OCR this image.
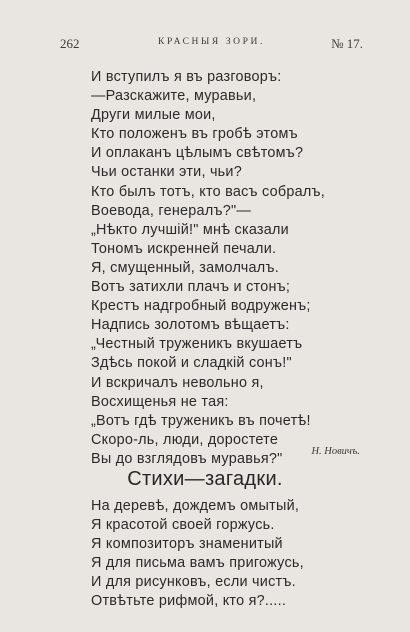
262	КРАСНЫЯ ЗОРИ.	№ 17.
И вступилъ я въ разговоръ:
—Разскажите, муравьи,
Други милые мои,
Кто положенъ въ гробѣ этомъ
И оплаканъ цѣлымъ свѣтомъ?
Чьи останки эти, чьи?
Кто былъ тотъ, кто васъ собралъ,
Воевода, генералъ?"—
„Нѣкто лучшій!" мнѣ сказали
Тономъ искренней печали.
Я, смущенный, замолчалъ.
Вотъ затихли плачъ и стонъ;
Крестъ надгробный водруженъ;
Надпись золотомъ вѣщаетъ:
„Честный труженикъ вкушаетъ
Здѣсь покой и сладкій сонъ!"
И вскричалъ невольно я,
Восхищенья не тая:
„Вотъ гдѣ труженикъ въ почетѣ!
Скоро-ль, люди, доростете
Вы до взглядовъ муравья?"	Н. Новичъ.
Стихи—загадки.
На деревѣ, дождемъ омытый,
Я красотой своей горжусь.
Я композиторъ знаменитый
Я для письма вамъ пригожусь,
И для рисунковъ, если чистъ.
Отвѣтьте рифмой, кто я?.....
